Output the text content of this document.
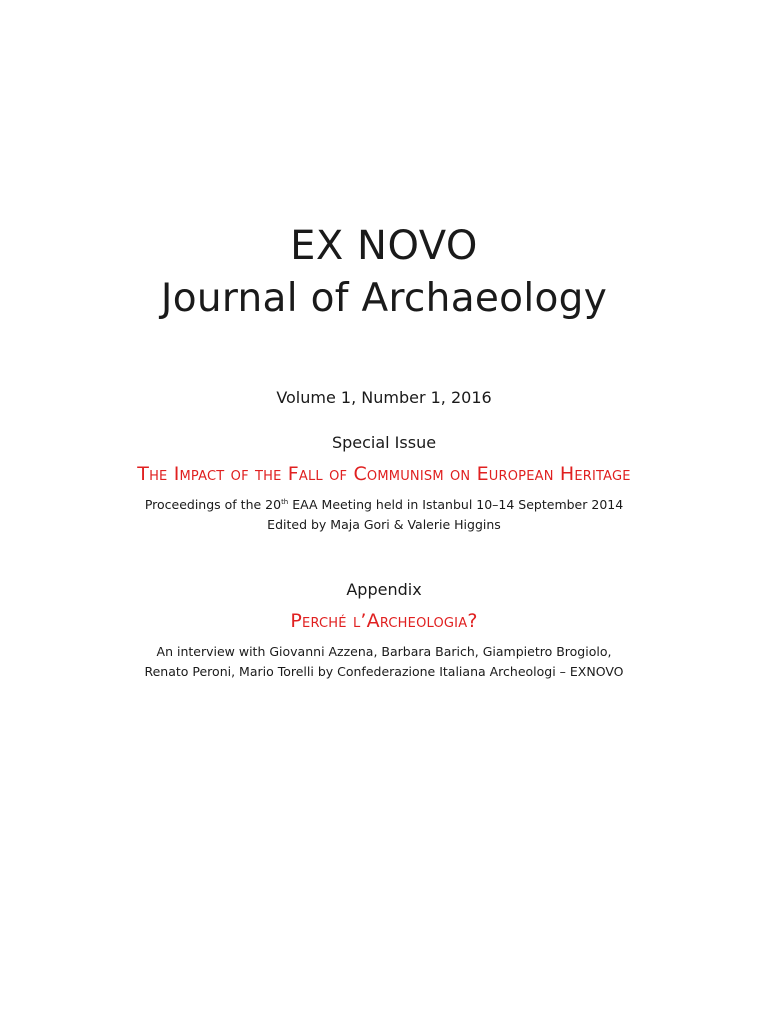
EX NOVO
Journal of Archaeology
Volume 1, Number 1, 2016
Special Issue
The Impact of the Fall of Communism on European Heritage
Proceedings of the 20th EAA Meeting held in Istanbul 10–14 September 2014
Edited by Maja Gori & Valerie Higgins
Appendix
Perché l’Archeologia?
An interview with Giovanni Azzena, Barbara Barich, Giampietro Brogiolo,
Renato Peroni, Mario Torelli by Confederazione Italiana Archeologi – EXNOVO
